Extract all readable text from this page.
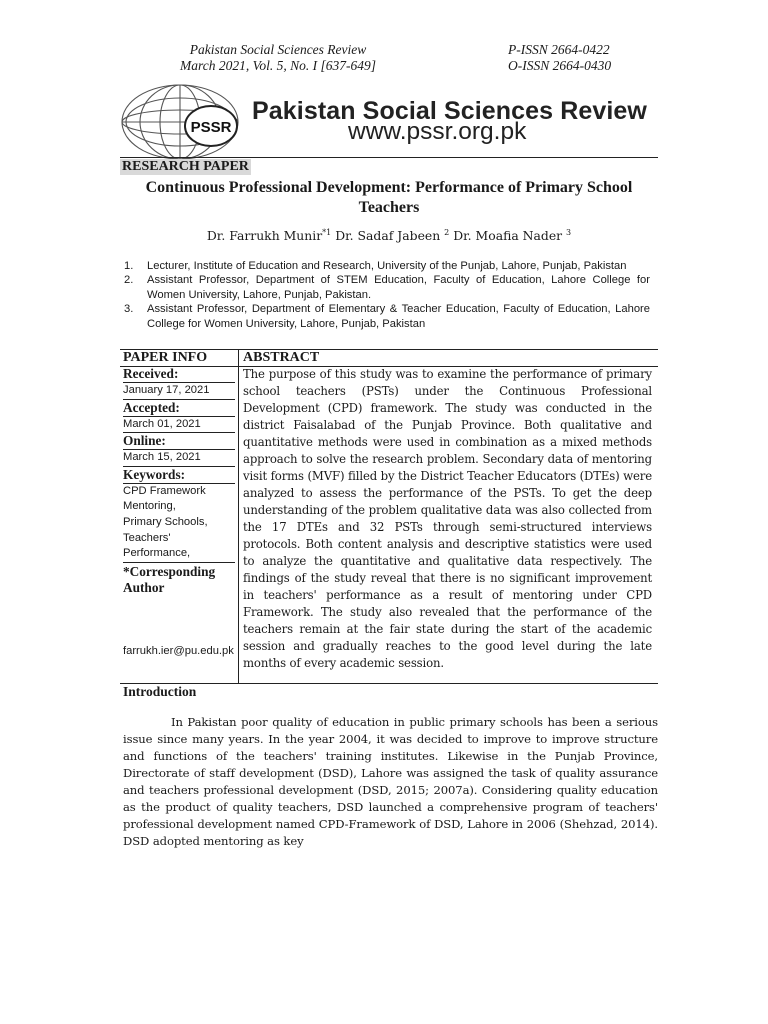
Pakistan Social Sciences Review
March 2021, Vol. 5, No. I [637-649]
P-ISSN 2664-0422
O-ISSN 2664-0430
PSSR
Pakistan Social Sciences Review
www.pssr.org.pk
RESEARCH PAPER
Continuous Professional Development: Performance of Primary School Teachers
Dr. Farrukh Munir$^{*1}$ Dr. Sadaf Jabeen $^2$ Dr. Moafia Nader $^3$
1. Lecturer, Institute of Education and Research, University of the Punjab, Lahore, Punjab, Pakistan
2. Assistant Professor, Department of STEM Education, Faculty of Education, Lahore College for Women University, Lahore, Punjab, Pakistan.
3. Assistant Professor, Department of Elementary & Teacher Education, Faculty of Education, Lahore College for Women University, Lahore, Punjab, Pakistan
PAPER INFO	ABSTRACT
Received:
January 17, 2021
Accepted:
March 01, 2021
Online:
March 15, 2021
Keywords:
CPD Framework
Mentoring,
Primary Schools,
Teachers'
Performance,
*Corresponding Author
farrukh.ier@pu.edu.pk
The purpose of this study was to examine the performance of primary school teachers (PSTs) under the Continuous Professional Development (CPD) framework. The study was conducted in the district Faisalabad of the Punjab Province. Both qualitative and quantitative methods were used in combination as a mixed methods approach to solve the research problem. Secondary data of mentoring visit forms (MVF) filled by the District Teacher Educators (DTEs) were analyzed to assess the performance of the PSTs. To get the deep understanding of the problem qualitative data was also collected from the 17 DTEs and 32 PSTs through semi-structured interviews protocols. Both content analysis and descriptive statistics were used to analyze the quantitative and qualitative data respectively. The findings of the study reveal that there is no significant improvement in teachers' performance as a result of mentoring under CPD Framework. The study also revealed that the performance of the teachers remain at the fair state during the start of the academic session and gradually reaches to the good level during the late months of every academic session.
Introduction
In Pakistan poor quality of education in public primary schools has been a serious issue since many years. In the year 2004, it was decided to improve to improve structure and functions of the teachers' training institutes. Likewise in the Punjab Province, Directorate of staff development (DSD), Lahore was assigned the task of quality assurance and teachers professional development (DSD, 2015; 2007a). Considering quality education as the product of quality teachers, DSD launched a comprehensive program of teachers' professional development named CPD-Framework of DSD, Lahore in 2006 (Shehzad, 2014). DSD adopted mentoring as key
